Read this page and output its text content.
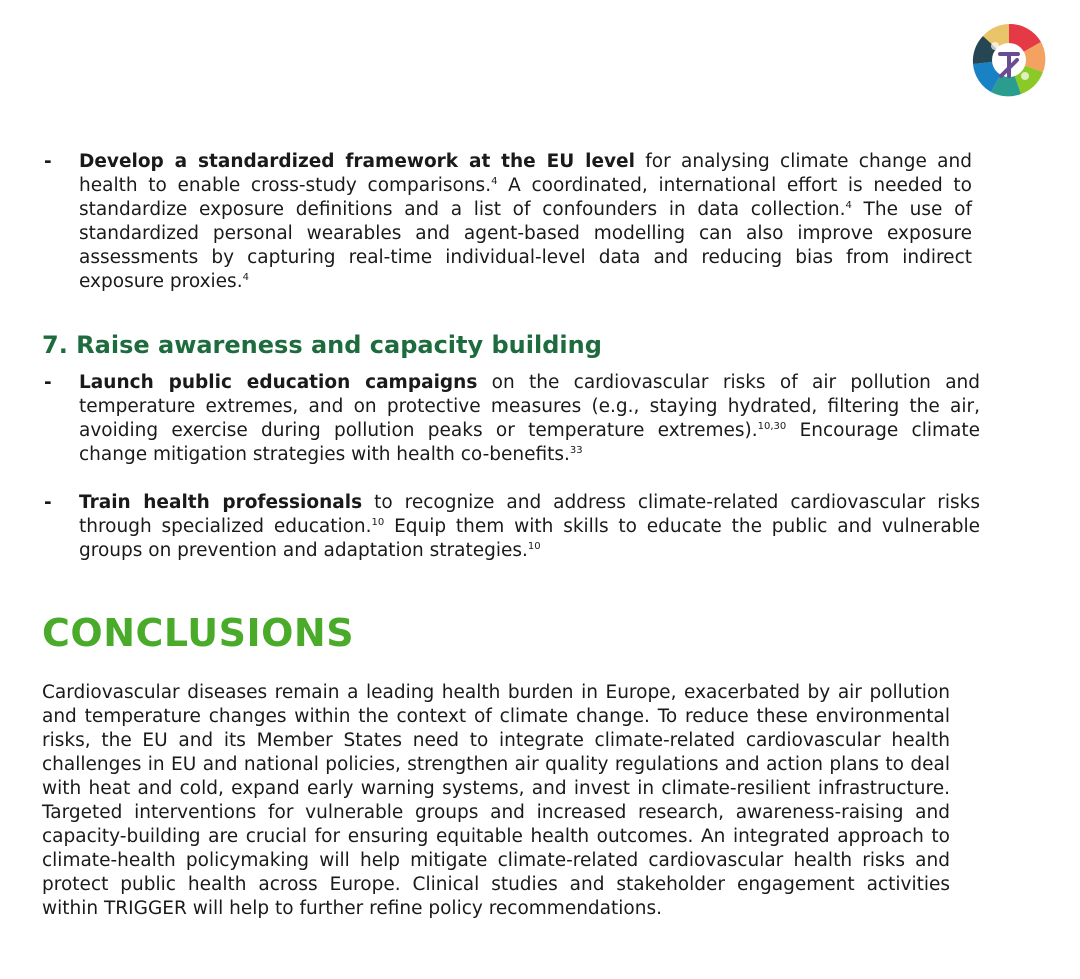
- Develop a standardized framework at the EU level for analysing climate change and health to enable cross-study comparisons.$^4$ A coordinated, international effort is needed to standardize exposure definitions and a list of confounders in data collection.$^4$ The use of standardized personal wearables and agent-based modelling can also improve exposure assessments by capturing real-time individual-level data and reducing bias from indirect exposure proxies.$^4$
7. Raise awareness and capacity building
- Launch public education campaigns on the cardiovascular risks of air pollution and temperature extremes, and on protective measures (e.g., staying hydrated, filtering the air, avoiding exercise during pollution peaks or temperature extremes).$^{10,30}$ Encourage climate change mitigation strategies with health co-benefits.$^{33}$
- Train health professionals to recognize and address climate-related cardiovascular risks through specialized education.$^{10}$ Equip them with skills to educate the public and vulnerable groups on prevention and adaptation strategies.$^{10}$
CONCLUSIONS

Cardiovascular diseases remain a leading health burden in Europe, exacerbated by air pollution and temperature changes within the context of climate change. To reduce these environmental risks, the EU and its Member States need to integrate climate-related cardiovascular health challenges in EU and national policies, strengthen air quality regulations and action plans to deal with heat and cold, expand early warning systems, and invest in climate-resilient infrastructure. Targeted interventions for vulnerable groups and increased research, awareness-raising and capacity-building are crucial for ensuring equitable health outcomes. An integrated approach to climate-health policymaking will help mitigate climate-related cardiovascular health risks and protect public health across Europe. Clinical studies and stakeholder engagement activities within TRIGGER will help to further refine policy recommendations.
